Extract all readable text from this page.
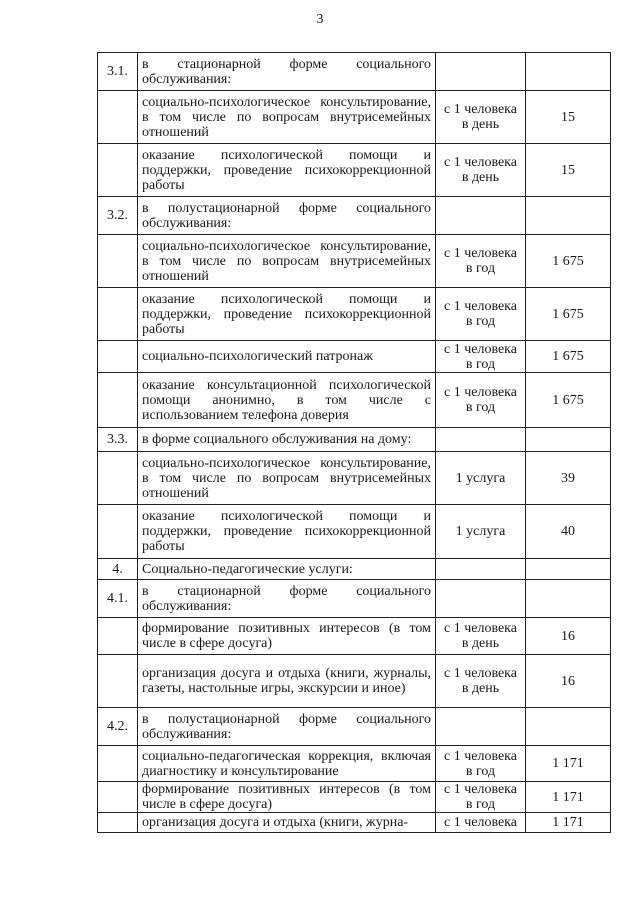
3
3.1.	в стационарной форме социального обслуживания:		
	социально-психологическое консультирование, в том числе по вопросам внутрисемейных отношений	с 1 человека в день	15
	оказание психологической помощи и поддержки, проведение психокоррекционной работы	с 1 человека в день	15
3.2.	в полустационарной форме социального обслуживания:		
	социально-психологическое консультирование, в том числе по вопросам внутрисемейных отношений	с 1 человека в год	1 675
	оказание психологической помощи и поддержки, проведение психокоррекционной работы	с 1 человека в год	1 675
	социально-психологический патронаж	с 1 человека в год	1 675
	оказание консультационной психологической помощи анонимно, в том числе с использованием телефона доверия	с 1 человека в год	1 675
3.3.	в форме социального обслуживания на дому:		
	социально-психологическое консультирование, в том числе по вопросам внутрисемейных отношений	1 услуга	39
	оказание психологической помощи и поддержки, проведение психокоррекционной работы	1 услуга	40
4.	Социально-педагогические услуги:		
4.1.	в стационарной форме социального обслуживания:		
	формирование позитивных интересов (в том числе в сфере досуга)	с 1 человека в день	16
	организация досуга и отдыха (книги, журналы, газеты, настольные игры, экскурсии и иное)	с 1 человека в день	16
4.2.	в полустационарной форме социального обслуживания:		
	социально-педагогическая коррекция, включая диагностику и консультирование	с 1 человека в год	1 171
	формирование позитивных интересов (в том числе в сфере досуга)	с 1 человека в год	1 171
	организация досуга и отдыха (книги, журна-	с 1 человека	1 171
